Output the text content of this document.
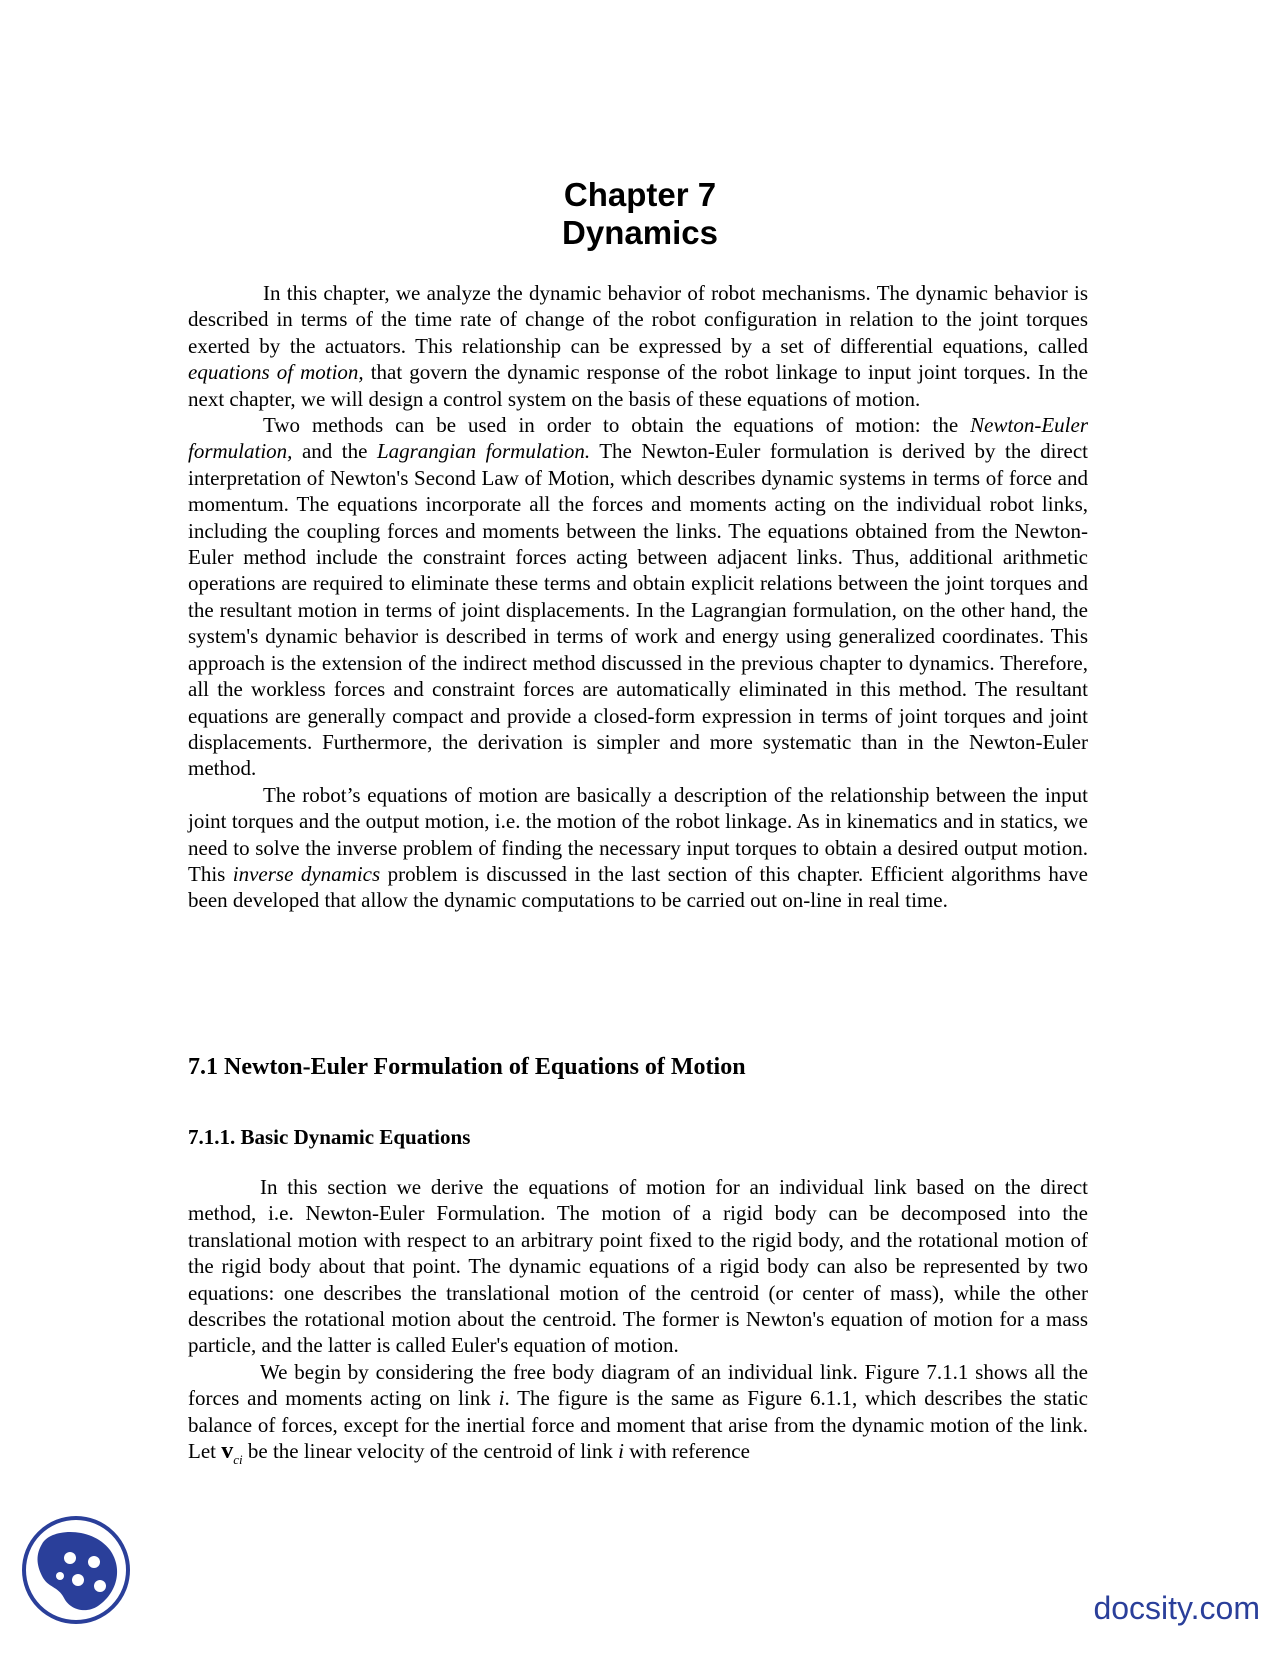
Chapter 7
Dynamics

In this chapter, we analyze the dynamic behavior of robot mechanisms. The dynamic behavior is described in terms of the time rate of change of the robot configuration in relation to the joint torques exerted by the actuators. This relationship can be expressed by a set of differential equations, called equations of motion, that govern the dynamic response of the robot linkage to input joint torques. In the next chapter, we will design a control system on the basis of these equations of motion.

Two methods can be used in order to obtain the equations of motion: the Newton-Euler formulation, and the Lagrangian formulation. The Newton-Euler formulation is derived by the direct interpretation of Newton's Second Law of Motion, which describes dynamic systems in terms of force and momentum. The equations incorporate all the forces and moments acting on the individual robot links, including the coupling forces and moments between the links. The equations obtained from the Newton-Euler method include the constraint forces acting between adjacent links. Thus, additional arithmetic operations are required to eliminate these terms and obtain explicit relations between the joint torques and the resultant motion in terms of joint displacements. In the Lagrangian formulation, on the other hand, the system's dynamic behavior is described in terms of work and energy using generalized coordinates. This approach is the extension of the indirect method discussed in the previous chapter to dynamics. Therefore, all the workless forces and constraint forces are automatically eliminated in this method. The resultant equations are generally compact and provide a closed-form expression in terms of joint torques and joint displacements. Furthermore, the derivation is simpler and more systematic than in the Newton-Euler method.

The robot’s equations of motion are basically a description of the relationship between the input joint torques and the output motion, i.e. the motion of the robot linkage. As in kinematics and in statics, we need to solve the inverse problem of finding the necessary input torques to obtain a desired output motion. This inverse dynamics problem is discussed in the last section of this chapter. Efficient algorithms have been developed that allow the dynamic computations to be carried out on-line in real time.

7.1 Newton-Euler Formulation of Equations of Motion
7.1.1. Basic Dynamic Equations

In this section we derive the equations of motion for an individual link based on the direct method, i.e. Newton-Euler Formulation. The motion of a rigid body can be decomposed into the translational motion with respect to an arbitrary point fixed to the rigid body, and the rotational motion of the rigid body about that point. The dynamic equations of a rigid body can also be represented by two equations: one describes the translational motion of the centroid (or center of mass), while the other describes the rotational motion about the centroid. The former is Newton's equation of motion for a mass particle, and the latter is called Euler's equation of motion.

We begin by considering the free body diagram of an individual link. Figure 7.1.1 shows all the forces and moments acting on link i. The figure is the same as Figure 6.1.1, which describes the static balance of forces, except for the inertial force and moment that arise from the dynamic motion of the link. Let $v_{ci}$ be the linear velocity of the centroid of link i with reference

docsity.com
